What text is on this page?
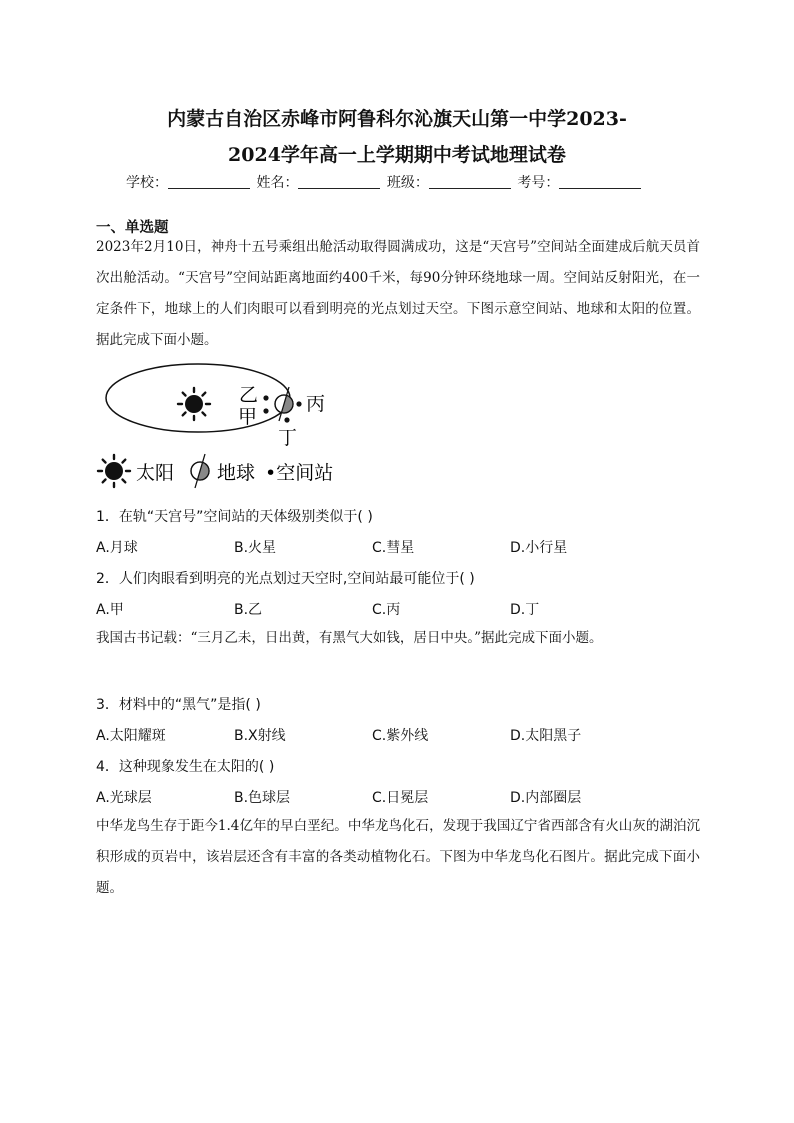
内蒙古自治区赤峰市阿鲁科尔沁旗天山第一中学2023-
2024学年高一上学期期中考试地理试卷
学校：	姓名：	班级：	考号：
一、单选题
2023年2月10日，神舟十五号乘组出舱活动取得圆满成功，这是“天宫号”空间站全面建成后航天员首次出舱活动。“天宫号”空间站距离地面约400千米，每90分钟环绕地球一周。空间站反射阳光，在一定条件下，地球上的人们肉眼可以看到明亮的光点划过天空。下图示意空间站、地球和太阳的位置。据此完成下面小题。
乙
甲
丙
丁
太阳 地球 •空间站
1．在轨“天宫号”空间站的天体级别类似于( )
A.月球	B.火星	C.彗星	D.小行星
2．人们肉眼看到明亮的光点划过天空时,空间站最可能位于( )
A.甲	B.乙	C.丙	D.丁
我国古书记载：“三月乙未，日出黄，有黑气大如钱，居日中央。”据此完成下面小题。
3．材料中的“黑气”是指( )
A.太阳耀斑	B.X射线	C.紫外线	D.太阳黑子
4．这种现象发生在太阳的( )
A.光球层	B.色球层	C.日冕层	D.内部圈层
中华龙鸟生存于距今1.4亿年的早白垩纪。中华龙鸟化石，发现于我国辽宁省西部含有火山灰的湖泊沉积形成的页岩中，该岩层还含有丰富的各类动植物化石。下图为中华龙鸟化石图片。据此完成下面小题。
